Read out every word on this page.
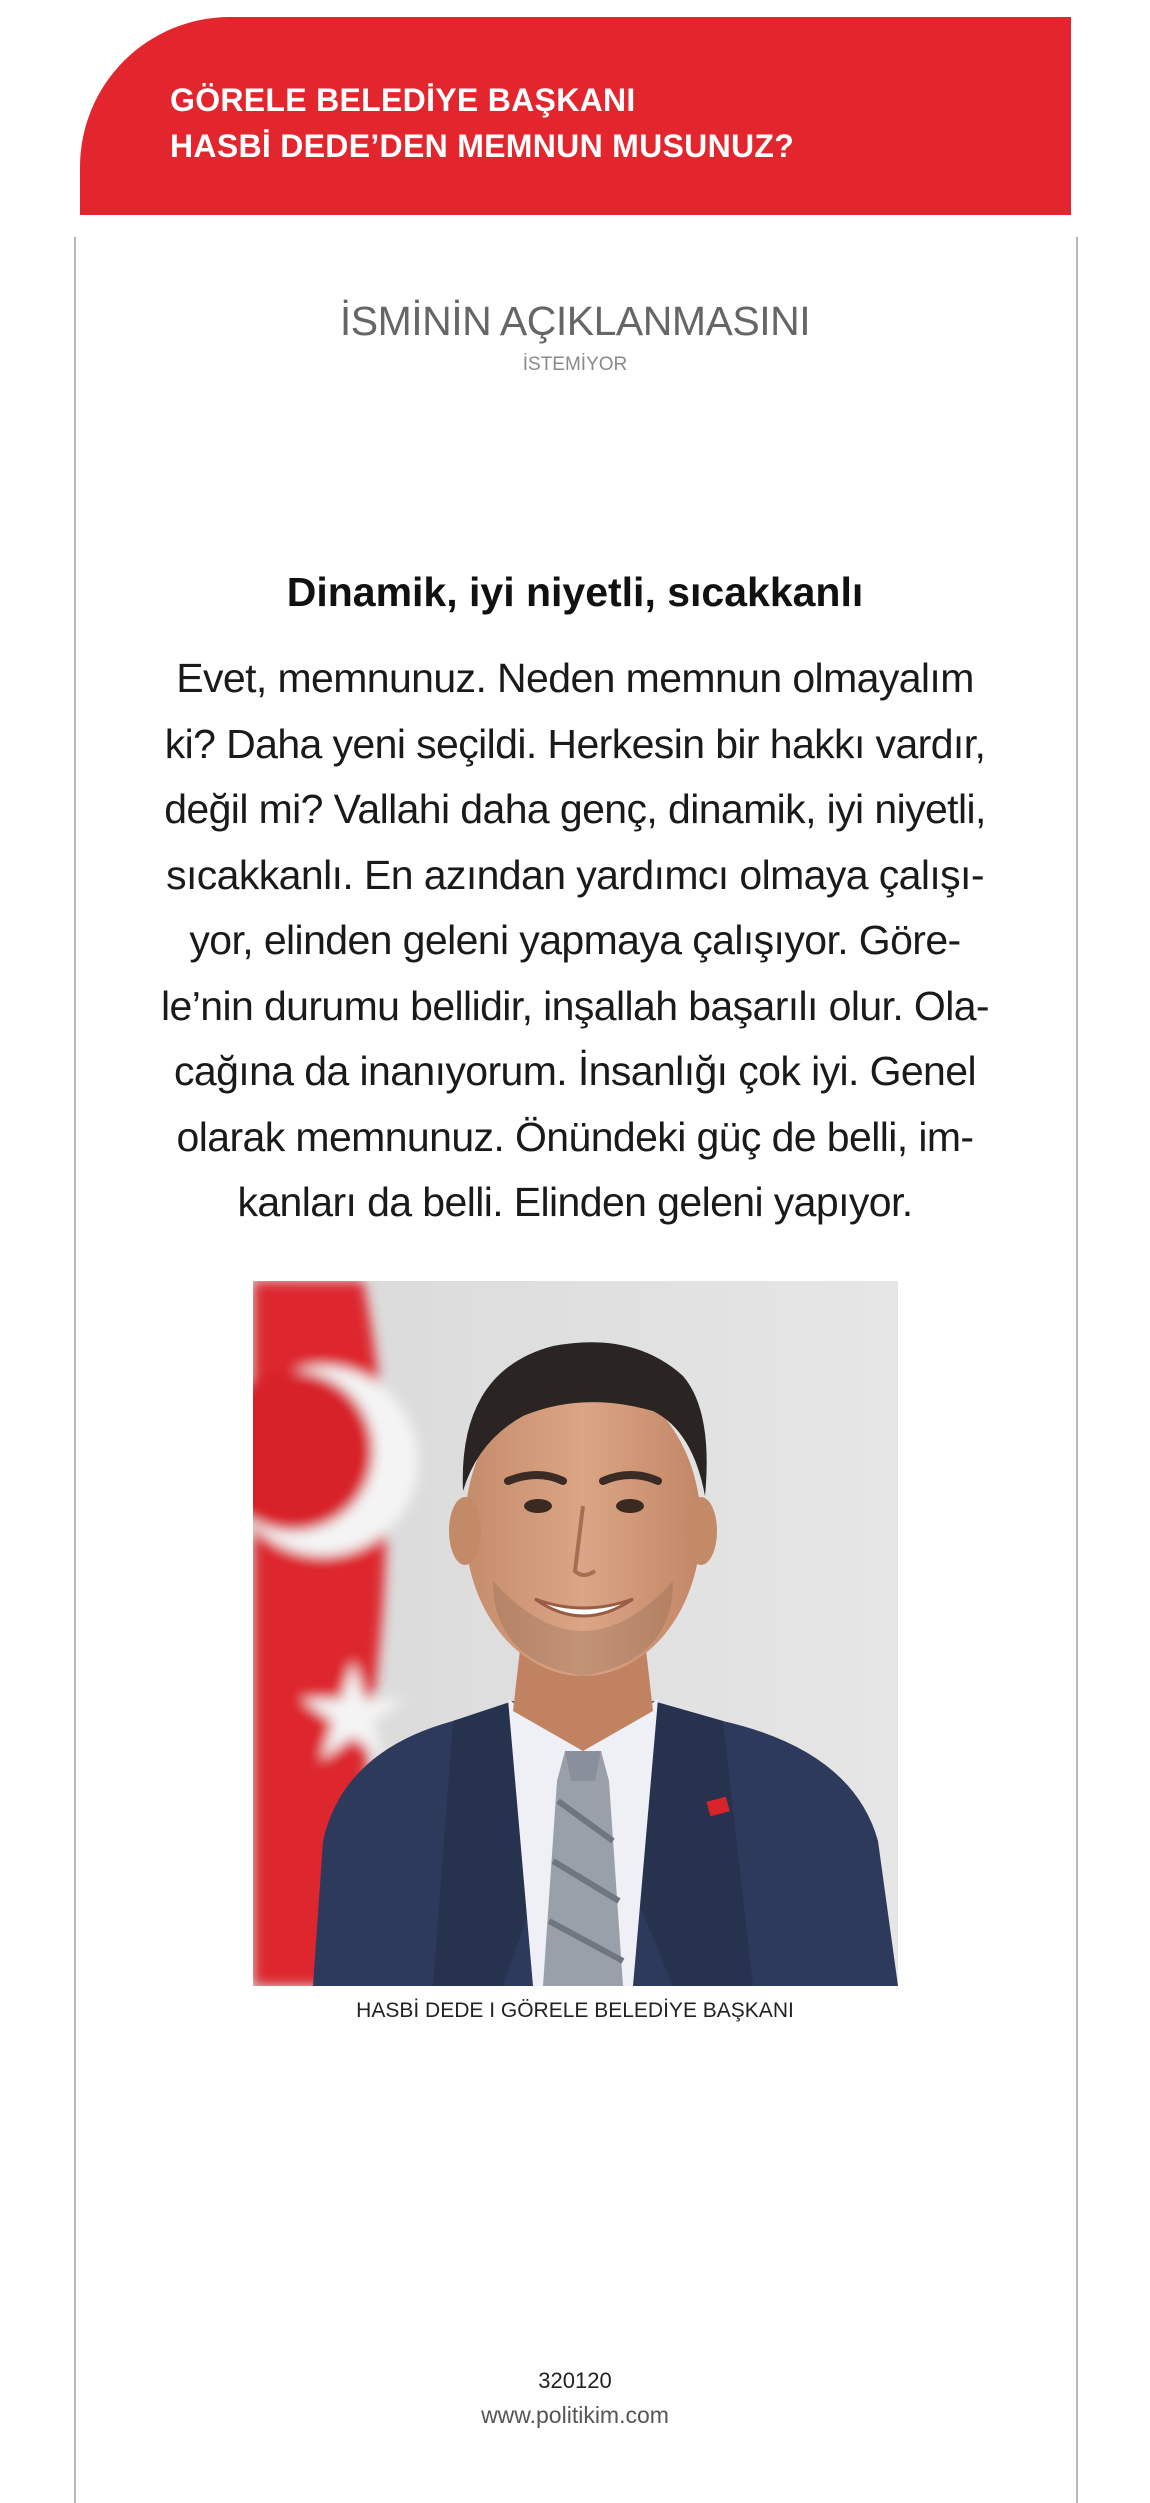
GÖRELE BELEDİYE BAŞKANI
HASBİ DEDE’DEN MEMNUN MUSUNUZ?
İSMİNİN AÇIKLANMASINI
İSTEMİYOR
Dinamik, iyi niyetli, sıcakkanlı
Evet, memnunuz. Neden memnun olmayalım
ki? Daha yeni seçildi. Herkesin bir hakkı vardır,
değil mi? Vallahi daha genç, dinamik, iyi niyetli,
sıcakkanlı. En azından yardımcı olmaya çalışı-
yor, elinden geleni yapmaya çalışıyor. Göre-
le’nin durumu bellidir, inşallah başarılı olur. Ola-
cağına da inanıyorum. İnsanlığı çok iyi. Genel
olarak memnunuz. Önündeki güç de belli, im-
kanları da belli. Elinden geleni yapıyor.
HASBİ DEDE I GÖRELE BELEDİYE BAŞKANI
320120
www.politikim.com
